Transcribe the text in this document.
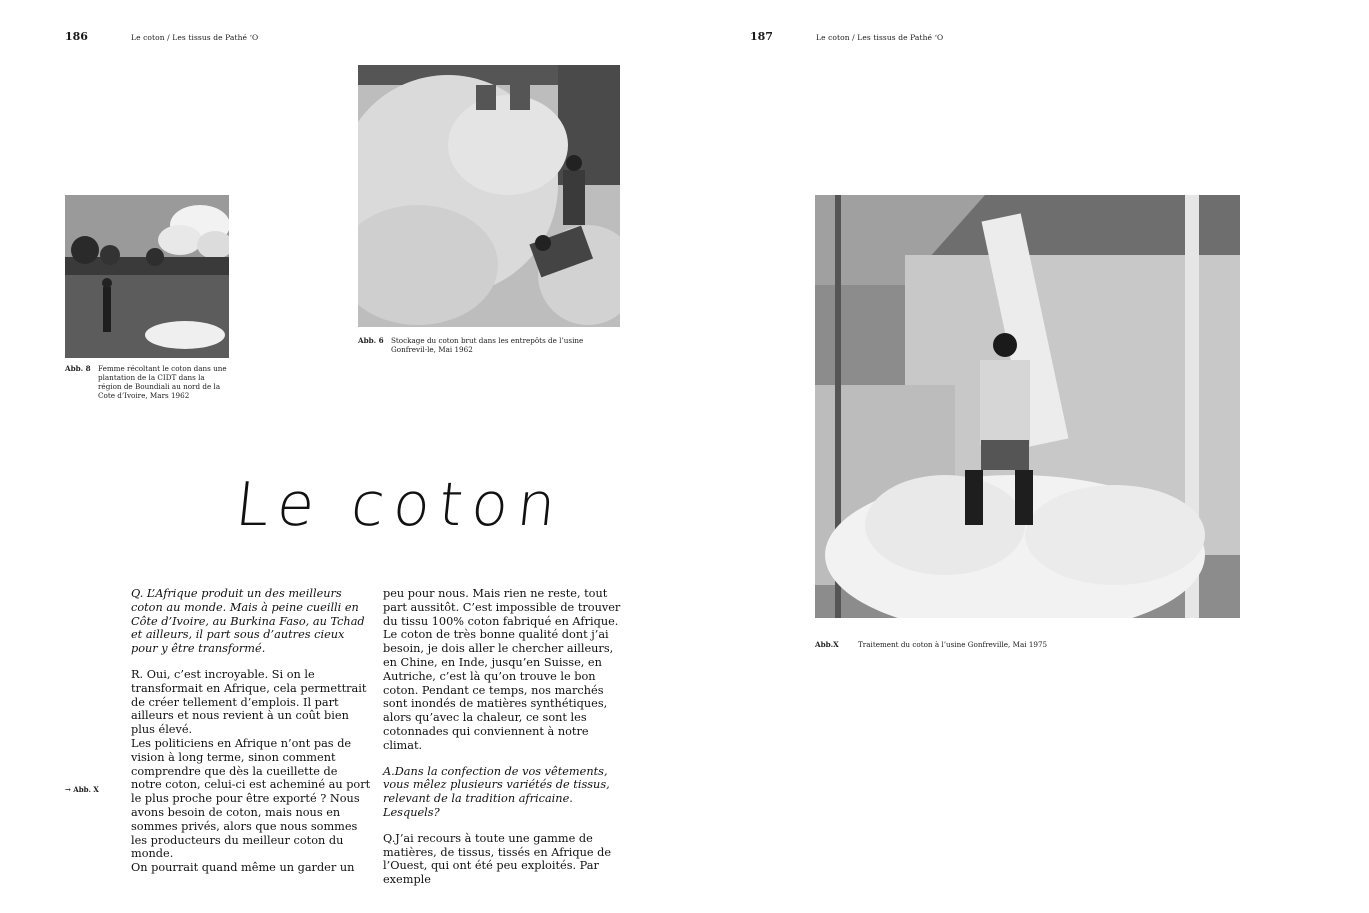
186	Le coton / Les tissus de Pathé ‘O	187	Le coton / Les tissus de Pathé ‘O
Abb. 8 Femme récoltant le coton dans une plantation de la CIDT dans la région de Boundiali au nord de la Cote d’Ivoire, Mars 1962
Abb. 6 Stockage du coton brut dans les entrepôts de l’usine Gonfrevil-le, Mai 1962
Abb.X	Traitement du coton à l’usine Gonfreville, Mai 1975
Le coton
→ Abb. X

Q. L’Afrique produit un des meilleurs coton au monde. Mais à peine cueilli en Côte d’Ivoire, au Burkina Faso, au Tchad et ailleurs, il part sous d’autres cieux pour y être transformé.

R. Oui, c’est incroyable. Si on le transformait en Afrique, cela permettrait de créer tellement d’emplois. Il part ailleurs et nous revient à un coût bien plus élevé.

Les politiciens en Afrique n’ont pas de vision à long terme, sinon comment comprendre que dès la cueillette de notre coton, celui-ci est acheminé au port le plus proche pour être exporté ? Nous avons besoin de coton, mais nous en sommes privés, alors que nous sommes les producteurs du meilleur coton du monde.

On pourrait quand même un garder un

peu pour nous. Mais rien ne reste, tout part aussitôt. C’est impossible de trouver du tissu 100% coton fabriqué en Afrique.

Le coton de très bonne qualité dont j’ai besoin, je dois aller le chercher ailleurs, en Chine, en Inde, jusqu’en Suisse, en Autriche, c’est là qu’on trouve le bon coton. Pendant ce temps, nos marchés sont inondés de matières synthétiques, alors qu’avec la chaleur, ce sont les cotonnades qui conviennent à notre climat.

A.Dans la confection de vos vêtements, vous mêlez plusieurs variétés de tissus, relevant de la tradition africaine. Lesquels?

Q.J’ai recours à toute une gamme de matières, de tissus, tissés en Afrique de l’Ouest, qui ont été peu exploités. Par exemple
